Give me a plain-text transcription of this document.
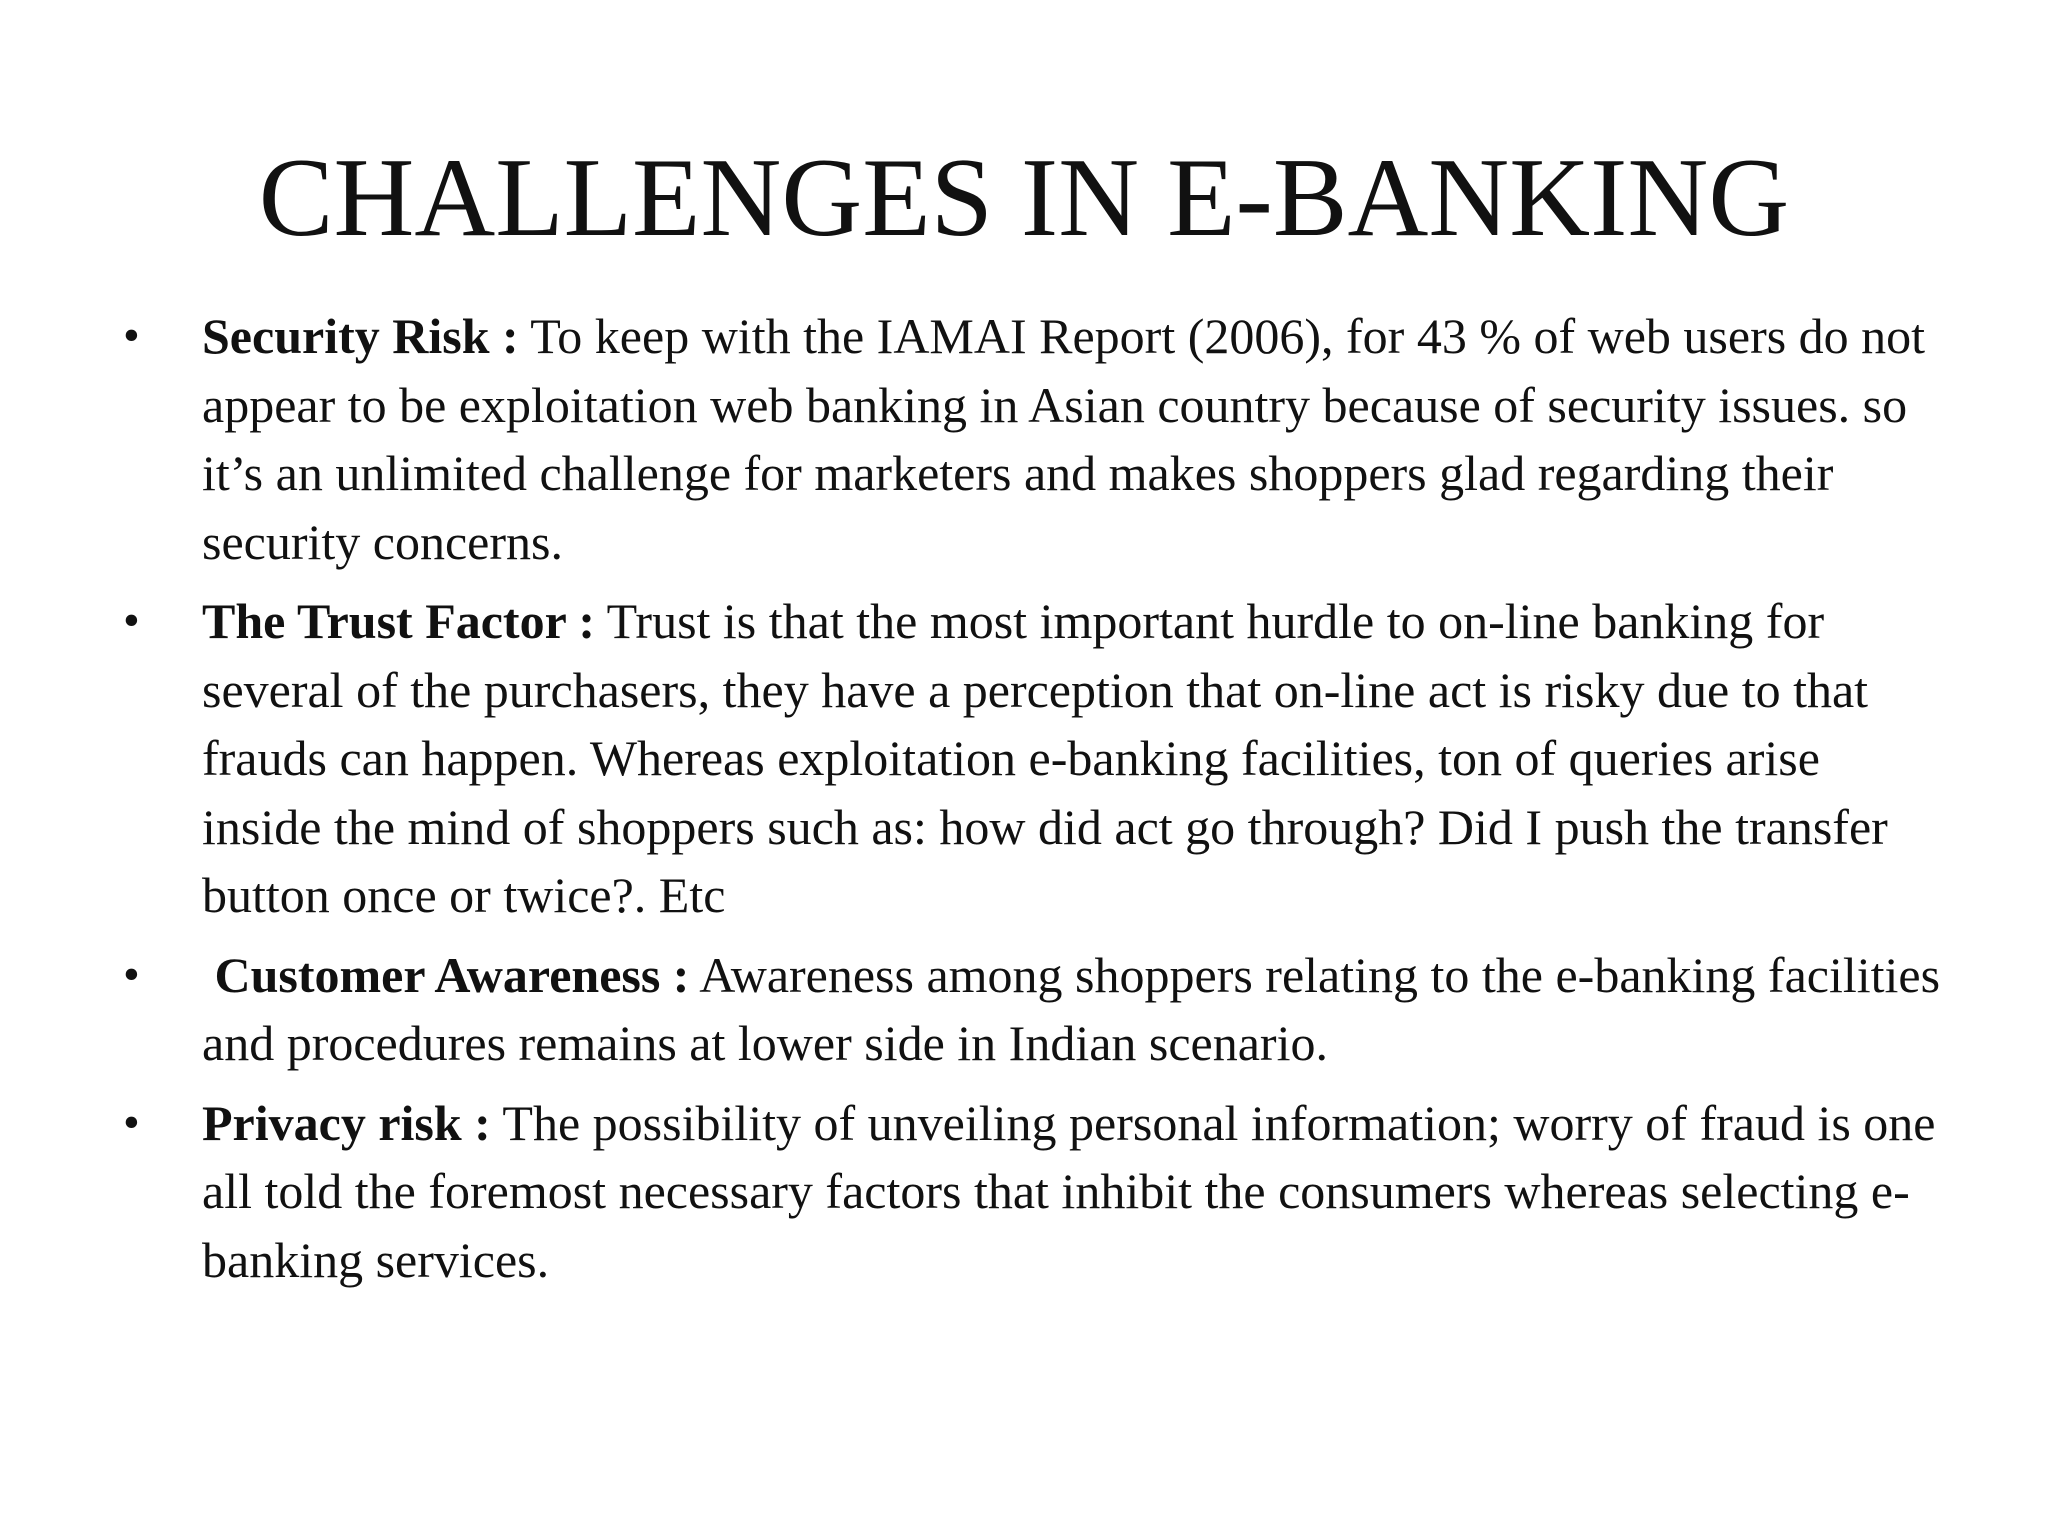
CHALLENGES IN E-BANKING
• Security Risk : To keep with the IAMAI Report (2006), for 43 % of web users do not appear to be exploitation web banking in Asian country because of security issues. so it’s an unlimited challenge for marketers and makes shoppers glad regarding their security concerns.
• The Trust Factor : Trust is that the most important hurdle to on-line banking for several of the purchasers, they have a perception that on-line act is risky due to that frauds can happen. Whereas exploitation e-banking facilities, ton of queries arise inside the mind of shoppers such as: how did act go through? Did I push the transfer button once or twice?. Etc
• Customer Awareness : Awareness among shoppers relating to the e-banking facilities and procedures remains at lower side in Indian scenario.
• Privacy risk : The possibility of unveiling personal information; worry of fraud is one all told the foremost necessary factors that inhibit the consumers whereas selecting e-banking services.
